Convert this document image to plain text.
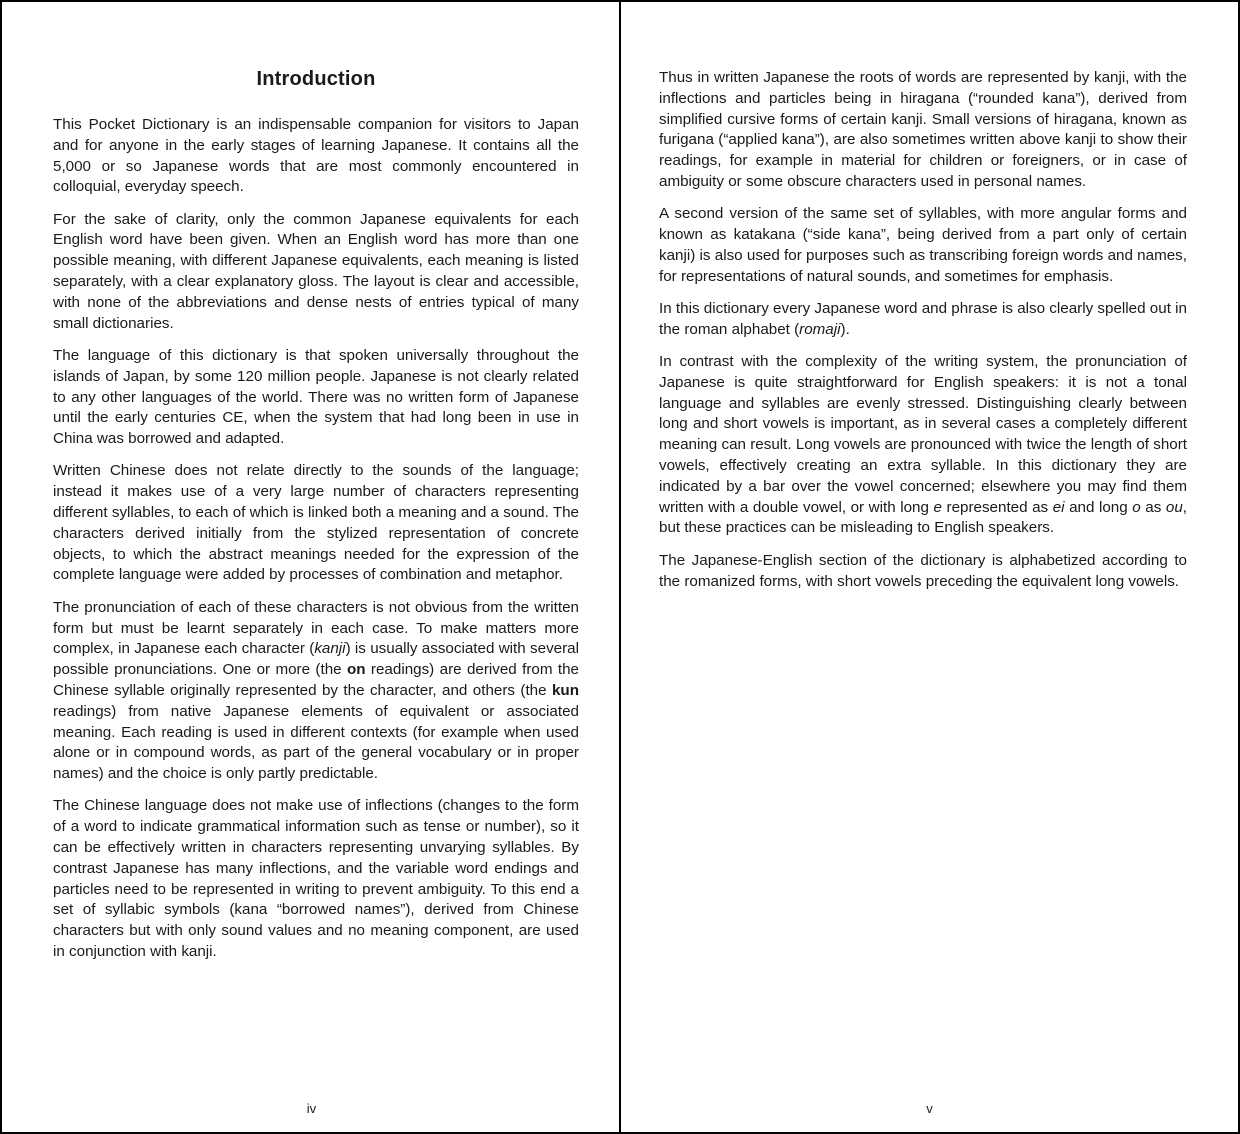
Introduction

This Pocket Dictionary is an indispensable companion for visitors to Japan and for anyone in the early stages of learning Japanese. It contains all the 5,000 or so Japanese words that are most commonly encountered in colloquial, everyday speech.

For the sake of clarity, only the common Japanese equivalents for each English word have been given. When an English word has more than one possible meaning, with different Japanese equivalents, each meaning is listed separately, with a clear explanatory gloss. The layout is clear and accessible, with none of the abbreviations and dense nests of entries typical of many small dictionaries.

The language of this dictionary is that spoken universally throughout the islands of Japan, by some 120 million people. Japanese is not clearly related to any other languages of the world. There was no written form of Japanese until the early centuries CE, when the system that had long been in use in China was borrowed and adapted.

Written Chinese does not relate directly to the sounds of the language; instead it makes use of a very large number of characters representing different syllables, to each of which is linked both a meaning and a sound. The characters derived initially from the stylized representation of concrete objects, to which the abstract meanings needed for the expression of the complete language were added by processes of combination and metaphor.

The pronunciation of each of these characters is not obvious from the written form but must be learnt separately in each case. To make matters more complex, in Japanese each character (kanji) is usually associated with several possible pronunciations. One or more (the on readings) are derived from the Chinese syllable originally represented by the character, and others (the kun readings) from native Japanese elements of equivalent or associated meaning. Each reading is used in different contexts (for example when used alone or in compound words, as part of the general vocabulary or in proper names) and the choice is only partly predictable.

The Chinese language does not make use of inflections (changes to the form of a word to indicate grammatical information such as tense or number), so it can be effectively written in characters representing unvarying syllables. By contrast Japanese has many inflections, and the variable word endings and particles need to be represented in writing to prevent ambiguity. To this end a set of syllabic symbols (kana “borrowed names”), derived from Chinese characters but with only sound values and no meaning component, are used in conjunction with kanji.

iv

Thus in written Japanese the roots of words are represented by kanji, with the inflections and particles being in hiragana (“rounded kana”), derived from simplified cursive forms of certain kanji. Small versions of hiragana, known as furigana (“applied kana”), are also sometimes written above kanji to show their readings, for example in material for children or foreigners, or in case of ambiguity or some obscure characters used in personal names.

A second version of the same set of syllables, with more angular forms and known as katakana (“side kana”, being derived from a part only of certain kanji) is also used for purposes such as transcribing foreign words and names, for representations of natural sounds, and sometimes for emphasis.

In this dictionary every Japanese word and phrase is also clearly spelled out in the roman alphabet (romaji).

In contrast with the complexity of the writing system, the pronunciation of Japanese is quite straightforward for English speakers: it is not a tonal language and syllables are evenly stressed. Distinguishing clearly between long and short vowels is important, as in several cases a completely different meaning can result. Long vowels are pronounced with twice the length of short vowels, effectively creating an extra syllable. In this dictionary they are indicated by a bar over the vowel concerned; elsewhere you may find them written with a double vowel, or with long e represented as ei and long o as ou, but these practices can be misleading to English speakers.

The Japanese-English section of the dictionary is alphabetized according to the romanized forms, with short vowels preceding the equivalent long vowels.

v
